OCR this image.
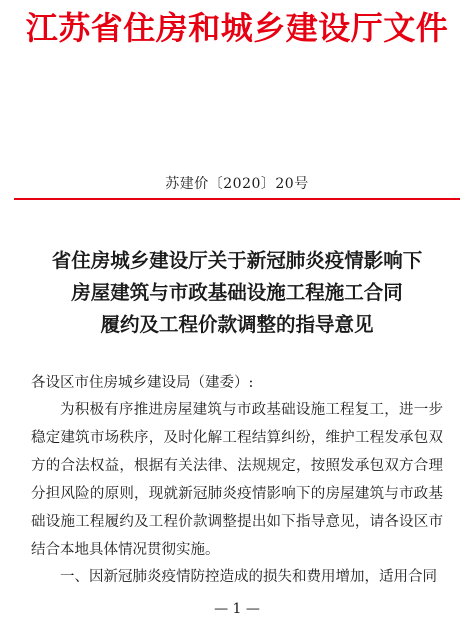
江苏省住房和城乡建设厅文件
苏建价〔2020〕20号
省住房城乡建设厅关于新冠肺炎疫情影响下
房屋建筑与市政基础设施工程施工合同
履约及工程价款调整的指导意见
各设区市住房城乡建设局（建委）:
为积极有序推进房屋建筑与市政基础设施工程复工，进一步稳定建筑市场秩序，及时化解工程结算纠纷，维护工程发承包双方的合法权益，根据有关法律、法规规定，按照发承包双方合理分担风险的原则，现就新冠肺炎疫情影响下的房屋建筑与市政基础设施工程履约及工程价款调整提出如下指导意见，请各设区市结合本地具体情况贯彻实施。
一、因新冠肺炎疫情防控造成的损失和费用增加，适用合同
— 1 —
